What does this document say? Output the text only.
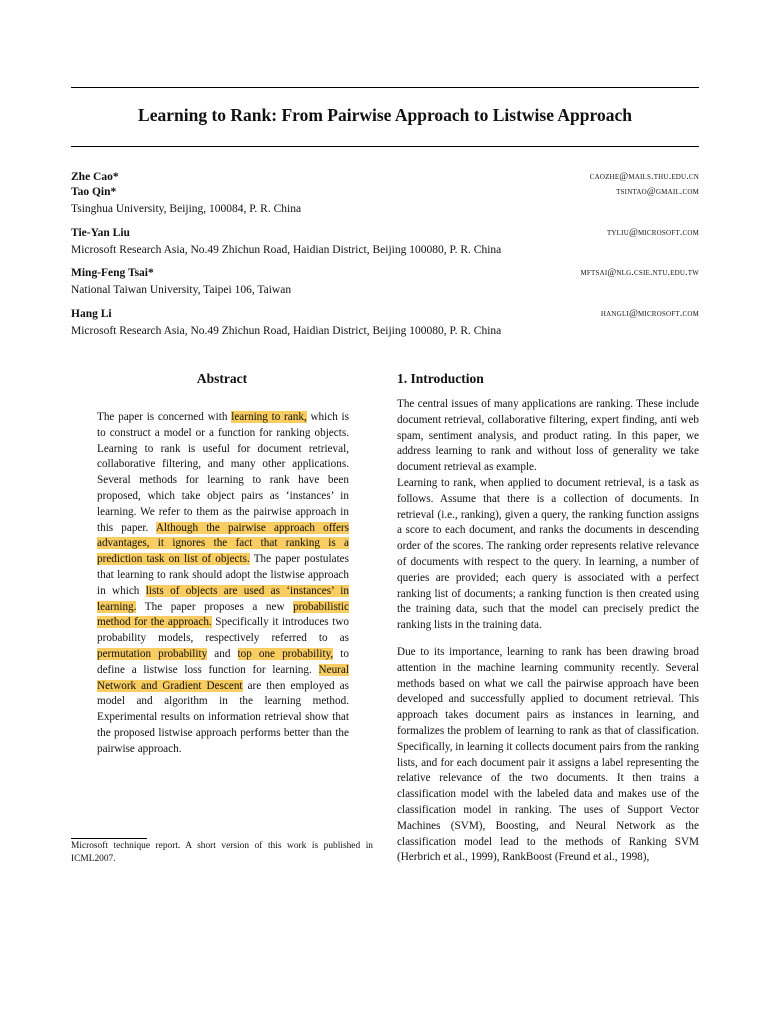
Learning to Rank: From Pairwise Approach to Listwise Approach
Zhe Cao*	caozhe@mails.thu.edu.cn
Tao Qin*	tsintao@gmail.com
Tsinghua University, Beijing, 100084, P. R. China
Tie-Yan Liu	tyliu@microsoft.com
Microsoft Research Asia, No.49 Zhichun Road, Haidian District, Beijing 100080, P. R. China
Ming-Feng Tsai*	mftsai@nlg.csie.ntu.edu.tw
National Taiwan University, Taipei 106, Taiwan
Hang Li	hangli@microsoft.com
Microsoft Research Asia, No.49 Zhichun Road, Haidian District, Beijing 100080, P. R. China
Abstract

The paper is concerned with learning to rank, which is to construct a model or a function for ranking objects. Learning to rank is useful for document retrieval, collaborative filtering, and many other applications. Several methods for learning to rank have been proposed, which take object pairs as ‘instances’ in learning. We refer to them as the pairwise approach in this paper. Although the pairwise approach offers advantages, it ignores the fact that ranking is a prediction task on list of objects. The paper postulates that learning to rank should adopt the listwise approach in which lists of objects are used as ‘instances’ in learning. The paper proposes a new probabilistic method for the approach. Specifically it introduces two probability models, respectively referred to as permutation probability and top one probability, to define a listwise loss function for learning. Neural Network and Gradient Descent are then employed as model and algorithm in the learning method. Experimental results on information retrieval show that the proposed listwise approach performs better than the pairwise approach.

Microsoft technique report. A short version of this work is published in ICML2007.

1. Introduction

The central issues of many applications are ranking. These include document retrieval, collaborative filtering, expert finding, anti web spam, sentiment analysis, and product rating. In this paper, we address learning to rank and without loss of generality we take document retrieval as example.

Learning to rank, when applied to document retrieval, is a task as follows. Assume that there is a collection of documents. In retrieval (i.e., ranking), given a query, the ranking function assigns a score to each document, and ranks the documents in descending order of the scores. The ranking order represents relative relevance of documents with respect to the query. In learning, a number of queries are provided; each query is associated with a perfect ranking list of documents; a ranking function is then created using the training data, such that the model can precisely predict the ranking lists in the training data.

Due to its importance, learning to rank has been drawing broad attention in the machine learning community recently. Several methods based on what we call the pairwise approach have been developed and successfully applied to document retrieval. This approach takes document pairs as instances in learning, and formalizes the problem of learning to rank as that of classification. Specifically, in learning it collects document pairs from the ranking lists, and for each document pair it assigns a label representing the relative relevance of the two documents. It then trains a classification model with the labeled data and makes use of the classification model in ranking. The uses of Support Vector Machines (SVM), Boosting, and Neural Network as the classification model lead to the methods of Ranking SVM (Herbrich et al., 1999), RankBoost (Freund et al., 1998),
